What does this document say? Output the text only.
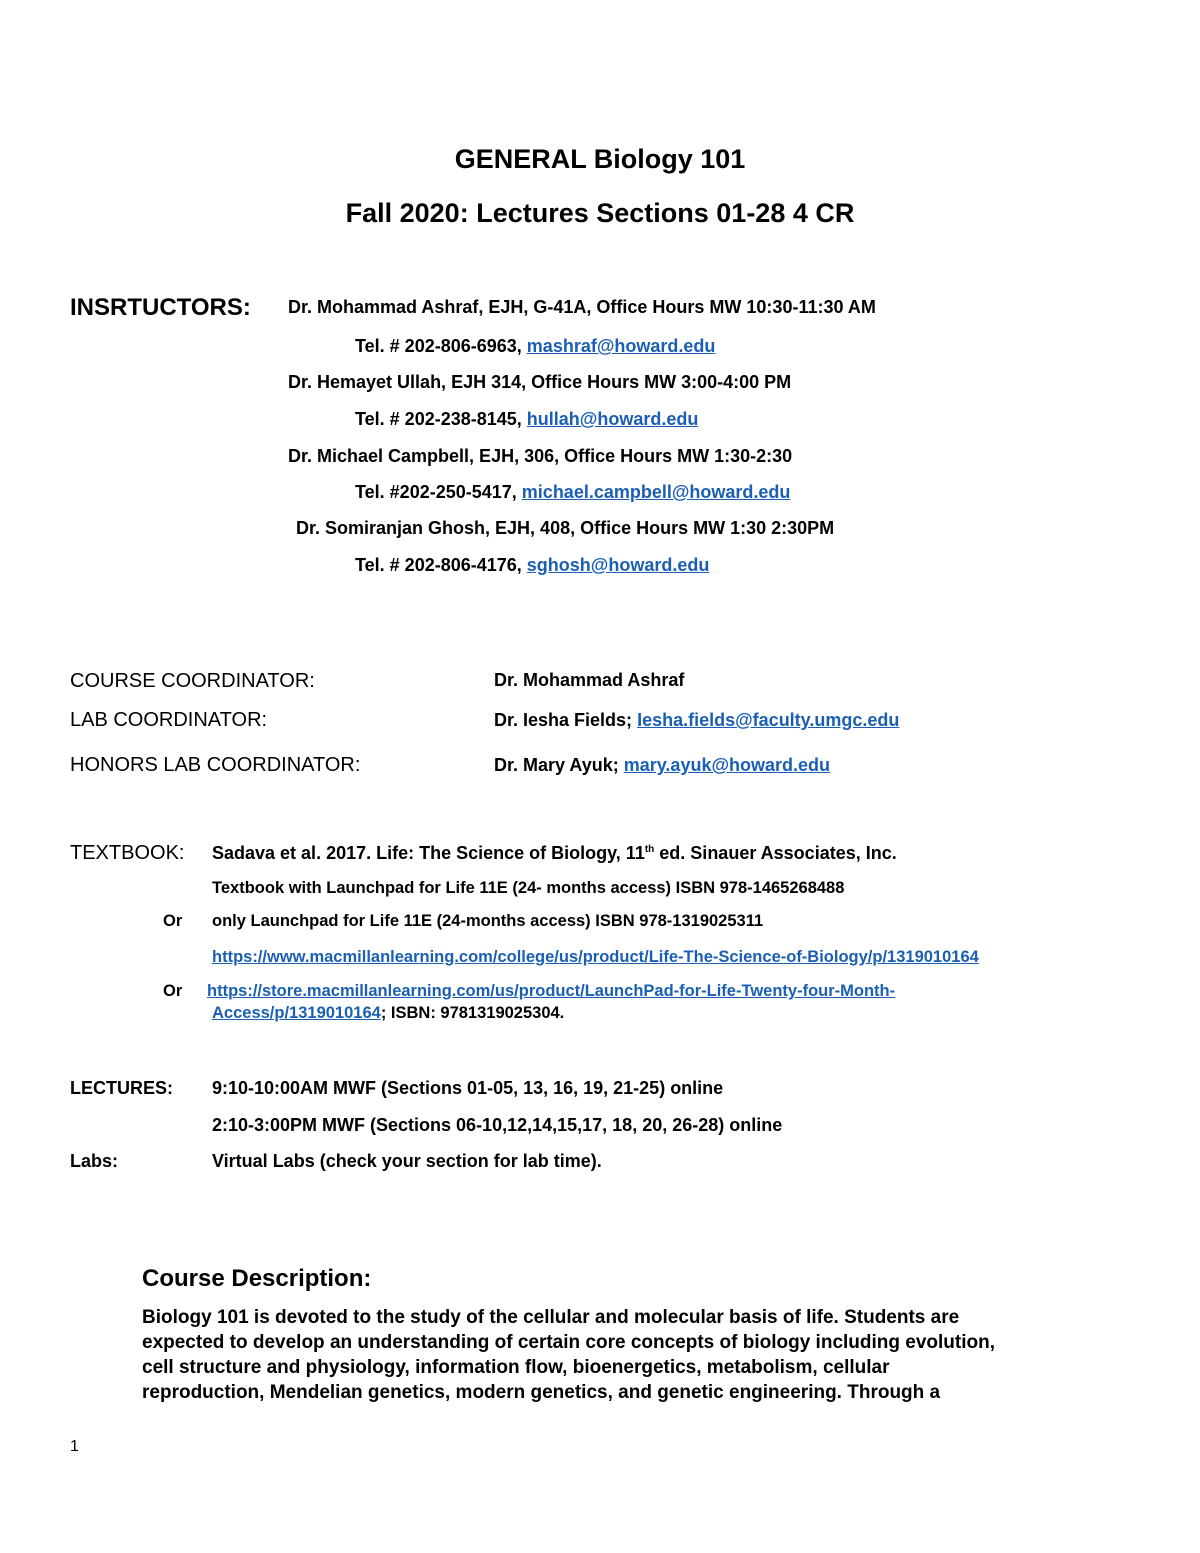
GENERAL Biology 101
Fall 2020: Lectures Sections 01-28 4 CR
INSRTUCTORS: Dr. Mohammad Ashraf, EJH, G-41A, Office Hours MW 10:30-11:30 AM
Tel. # 202-806-6963, mashraf@howard.edu
Dr. Hemayet Ullah, EJH 314, Office Hours MW 3:00-4:00 PM
Tel. # 202-238-8145, hullah@howard.edu
Dr. Michael Campbell, EJH, 306, Office Hours MW 1:30-2:30
Tel. #202-250-5417, michael.campbell@howard.edu
Dr. Somiranjan Ghosh, EJH, 408, Office Hours MW 1:30 2:30PM
Tel. # 202-806-4176, sghosh@howard.edu
COURSE COORDINATOR:	Dr. Mohammad Ashraf
LAB COORDINATOR:	Dr. Iesha Fields; Iesha.fields@faculty.umgc.edu
HONORS LAB COORDINATOR:	Dr. Mary Ayuk; mary.ayuk@howard.edu
TEXTBOOK: Sadava et al. 2017. Life: The Science of Biology, 11th ed. Sinauer Associates, Inc.
Textbook with Launchpad for Life 11E (24- months access) ISBN 978-1465268488
Or only Launchpad for Life 11E (24-months access) ISBN 978-1319025311
https://www.macmillanlearning.com/college/us/product/Life-The-Science-of-Biology/p/1319010164
Or https://store.macmillanlearning.com/us/product/LaunchPad-for-Life-Twenty-four-Month-
Access/p/1319010164; ISBN: 9781319025304.
LECTURES: 9:10-10:00AM MWF (Sections 01-05, 13, 16, 19, 21-25) online
2:10-3:00PM MWF (Sections 06-10,12,14,15,17, 18, 20, 26-28) online
Labs:	Virtual Labs (check your section for lab time).
Course Description:

Biology 101 is devoted to the study of the cellular and molecular basis of life. Students are

expected to develop an understanding of certain core concepts of biology including evolution,

cell structure and physiology, information flow, bioenergetics, metabolism, cellular

reproduction, Mendelian genetics, modern genetics, and genetic engineering. Through a

1
